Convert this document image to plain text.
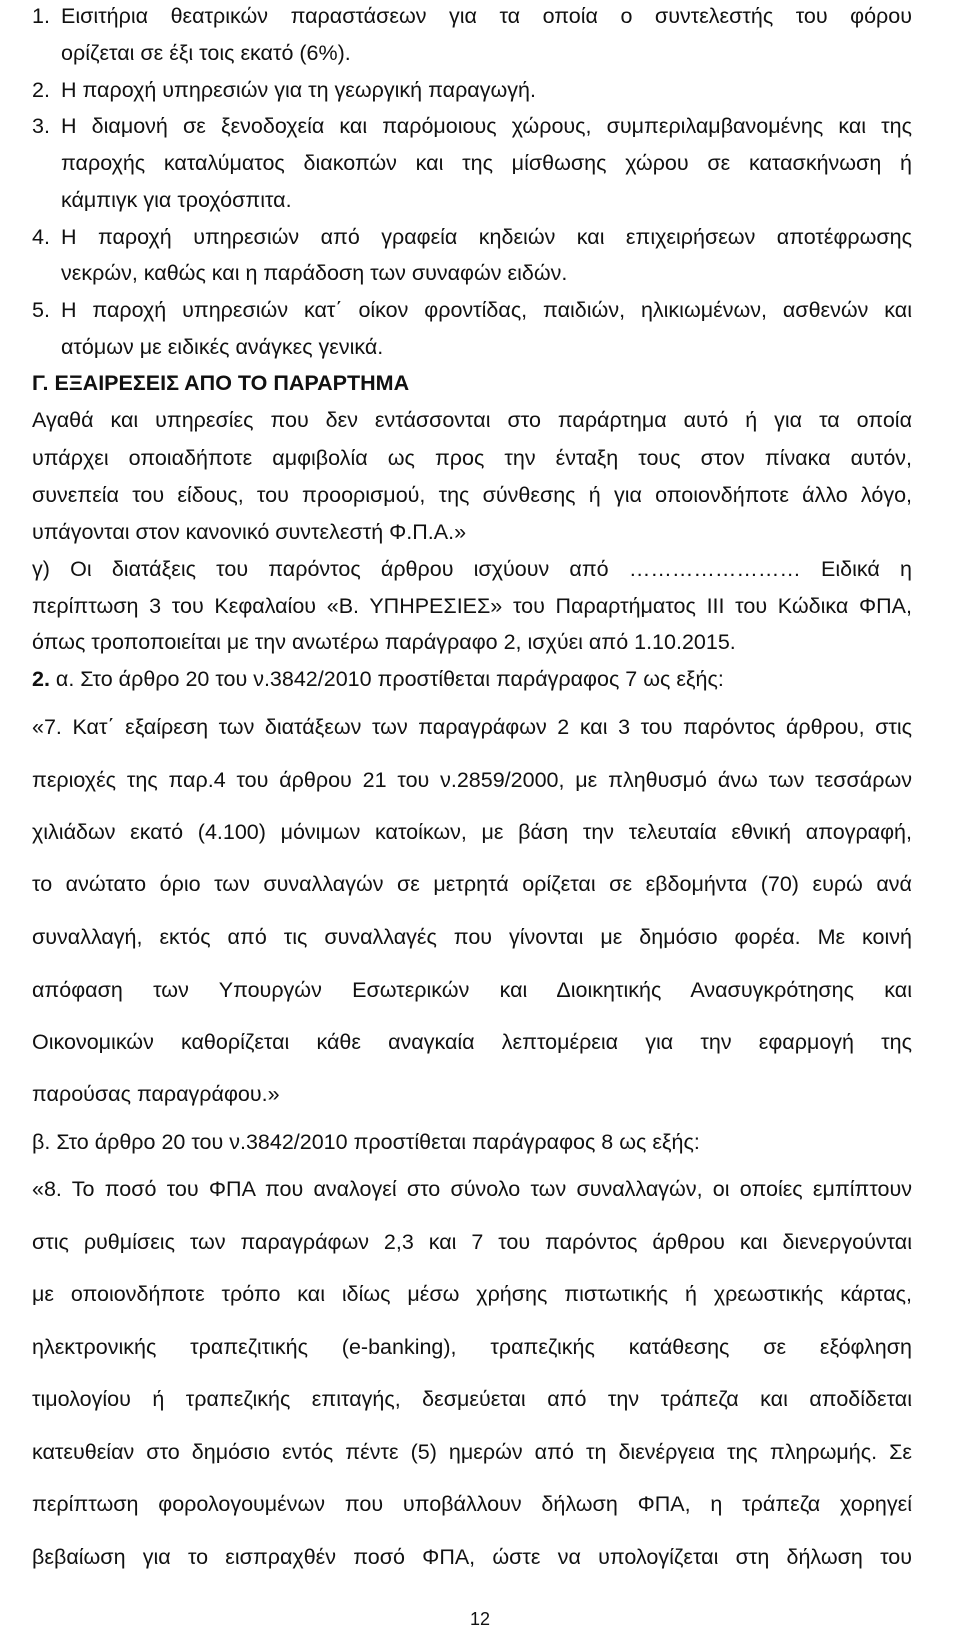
1. Εισιτήρια θεατρικών παραστάσεων για τα οποία ο συντελεστής του φόρου
ορίζεται σε έξι τοις εκατό (6%).
2. Η παροχή υπηρεσιών για τη γεωργική παραγωγή.
3. Η διαμονή σε ξενοδοχεία και παρόμοιους χώρους, συμπεριλαμβανομένης και της
παροχής καταλύματος διακοπών και της μίσθωσης χώρου σε κατασκήνωση ή
κάμπιγκ για τροχόσπιτα.
4. Η παροχή υπηρεσιών από γραφεία κηδειών και επιχειρήσεων αποτέφρωσης
νεκρών, καθώς και η παράδοση των συναφών ειδών.
5. Η παροχή υπηρεσιών κατ΄ οίκον φροντίδας, παιδιών, ηλικιωμένων, ασθενών και
ατόμων με ειδικές ανάγκες γενικά.
Γ. ΕΞΑΙΡΕΣΕΙΣ ΑΠΟ ΤΟ ΠΑΡΑΡΤΗΜΑ
Αγαθά και υπηρεσίες που δεν εντάσσονται στο παράρτημα αυτό ή για τα οποία
υπάρχει οποιαδήποτε αμφιβολία ως προς την ένταξη τους στον πίνακα αυτόν,
συνεπεία του είδους, του προορισμού, της σύνθεσης ή για οποιονδήποτε άλλο λόγο,
υπάγονται στον κανονικό συντελεστή Φ.Π.Α.»
γ) Οι διατάξεις του παρόντος άρθρου ισχύουν από …………………… Ειδικά η
περίπτωση 3 του Κεφαλαίου «Β. ΥΠΗΡΕΣΙΕΣ» του Παραρτήματος ΙΙΙ του Κώδικα ΦΠΑ,
όπως τροποποιείται με την ανωτέρω παράγραφο 2, ισχύει από 1.10.2015.
2. α. Στο άρθρο 20 του ν.3842/2010 προστίθεται παράγραφος 7 ως εξής:
«7. Κατ΄ εξαίρεση των διατάξεων των παραγράφων 2 και 3 του παρόντος άρθρου, στις
περιοχές της παρ.4 του άρθρου 21 του ν.2859/2000, με πληθυσμό άνω των τεσσάρων
χιλιάδων εκατό (4.100) μόνιμων κατοίκων, με βάση την τελευταία εθνική απογραφή,
το ανώτατο όριο των συναλλαγών σε μετρητά ορίζεται σε εβδομήντα (70) ευρώ ανά
συναλλαγή, εκτός από τις συναλλαγές που γίνονται με δημόσιο φορέα. Με κοινή
απόφαση των Υπουργών Εσωτερικών και Διοικητικής Ανασυγκρότησης και
Οικονομικών καθορίζεται κάθε αναγκαία λεπτομέρεια για την εφαρμογή της
παρούσας παραγράφου.»
β. Στο άρθρο 20 του ν.3842/2010 προστίθεται παράγραφος 8 ως εξής:
«8. Το ποσό του ΦΠΑ που αναλογεί στο σύνολο των συναλλαγών, οι οποίες εμπίπτουν
στις ρυθμίσεις των παραγράφων 2,3 και 7 του παρόντος άρθρου και διενεργούνται
με οποιονδήποτε τρόπο και ιδίως μέσω χρήσης πιστωτικής ή χρεωστικής κάρτας,
ηλεκτρονικής τραπεζιτικής (e-banking), τραπεζικής κατάθεσης σε εξόφληση
τιμολογίου ή τραπεζικής επιταγής, δεσμεύεται από την τράπεζα και αποδίδεται
κατευθείαν στο δημόσιο εντός πέντε (5) ημερών από τη διενέργεια της πληρωμής. Σε
περίπτωση φορολογουμένων που υποβάλλουν δήλωση ΦΠΑ, η τράπεζα χορηγεί
βεβαίωση για το εισπραχθέν ποσό ΦΠΑ, ώστε να υπολογίζεται στη δήλωση του
12
